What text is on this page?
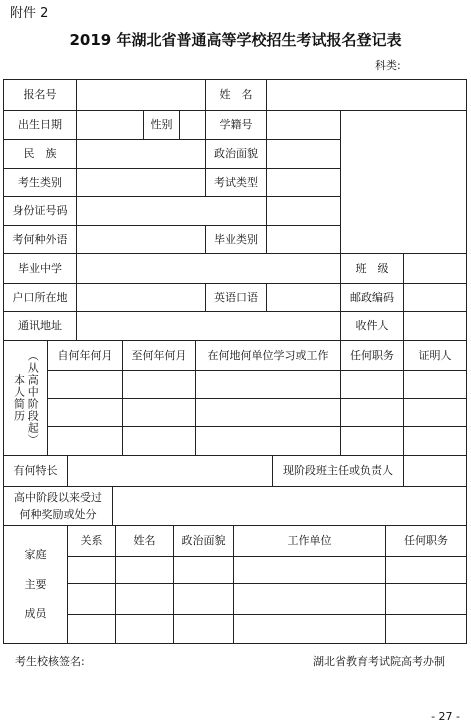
附件 2
2019 年湖北省普通高等学校招生考试报名登记表
科类:
报名号	姓　名
出生日期	性别	学籍号
民　族	政治面貌
考生类别	考试类型
身份证号码
考何种外语	毕业类别
毕业中学	班　级
户口所在地	英语口语	邮政编码
通讯地址	收件人
本人简历 （从高中阶段起）	自何年何月	至何年何月	在何地何单位学习或工作	任何职务	证明人
有何特长	现阶段班主任或负责人
高中阶段以来受过
何种奖励或处分
家庭
主要
成员
关系	姓名	政治面貌	工作单位	任何职务
考生校核签名:	湖北省教育考试院高考办制
- 27 -
